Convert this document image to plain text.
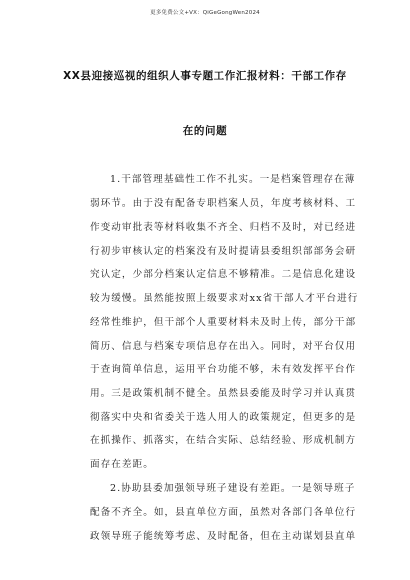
更多免费公文+VX：QiGeGongWen2024
XX县迎接巡视的组织人事专题工作汇报材料：干部工作存
在的问题
1.干部管理基础性工作不扎实。一是档案管理存在薄
弱环节。由于没有配备专职档案人员，年度考核材料、工
作变动审批表等材料收集不齐全、归档不及时，对已经进
行初步审核认定的档案没有及时提请县委组织部部务会研
究认定，少部分档案认定信息不够精准。二是信息化建设
较为缓慢。虽然能按照上级要求对xx省干部人才平台进行
经常性维护，但干部个人重要材料未及时上传，部分干部
简历、信息与档案专项信息存在出入。同时，对平台仅用
于查询简单信息，运用平台功能不够，未有效发挥平台作
用。三是政策机制不健全。虽然县委能及时学习并认真贯
彻落实中央和省委关于选人用人的政策规定，但更多的是
在抓操作、抓落实，在结合实际、总结经验、形成机制方
面存在差距。
2.协助县委加强领导班子建设有差距。一是领导班子
配备不齐全。如，县直单位方面，虽然对各部门各单位行
政领导班子能统筹考虑、及时配备，但在主动谋划县直单
